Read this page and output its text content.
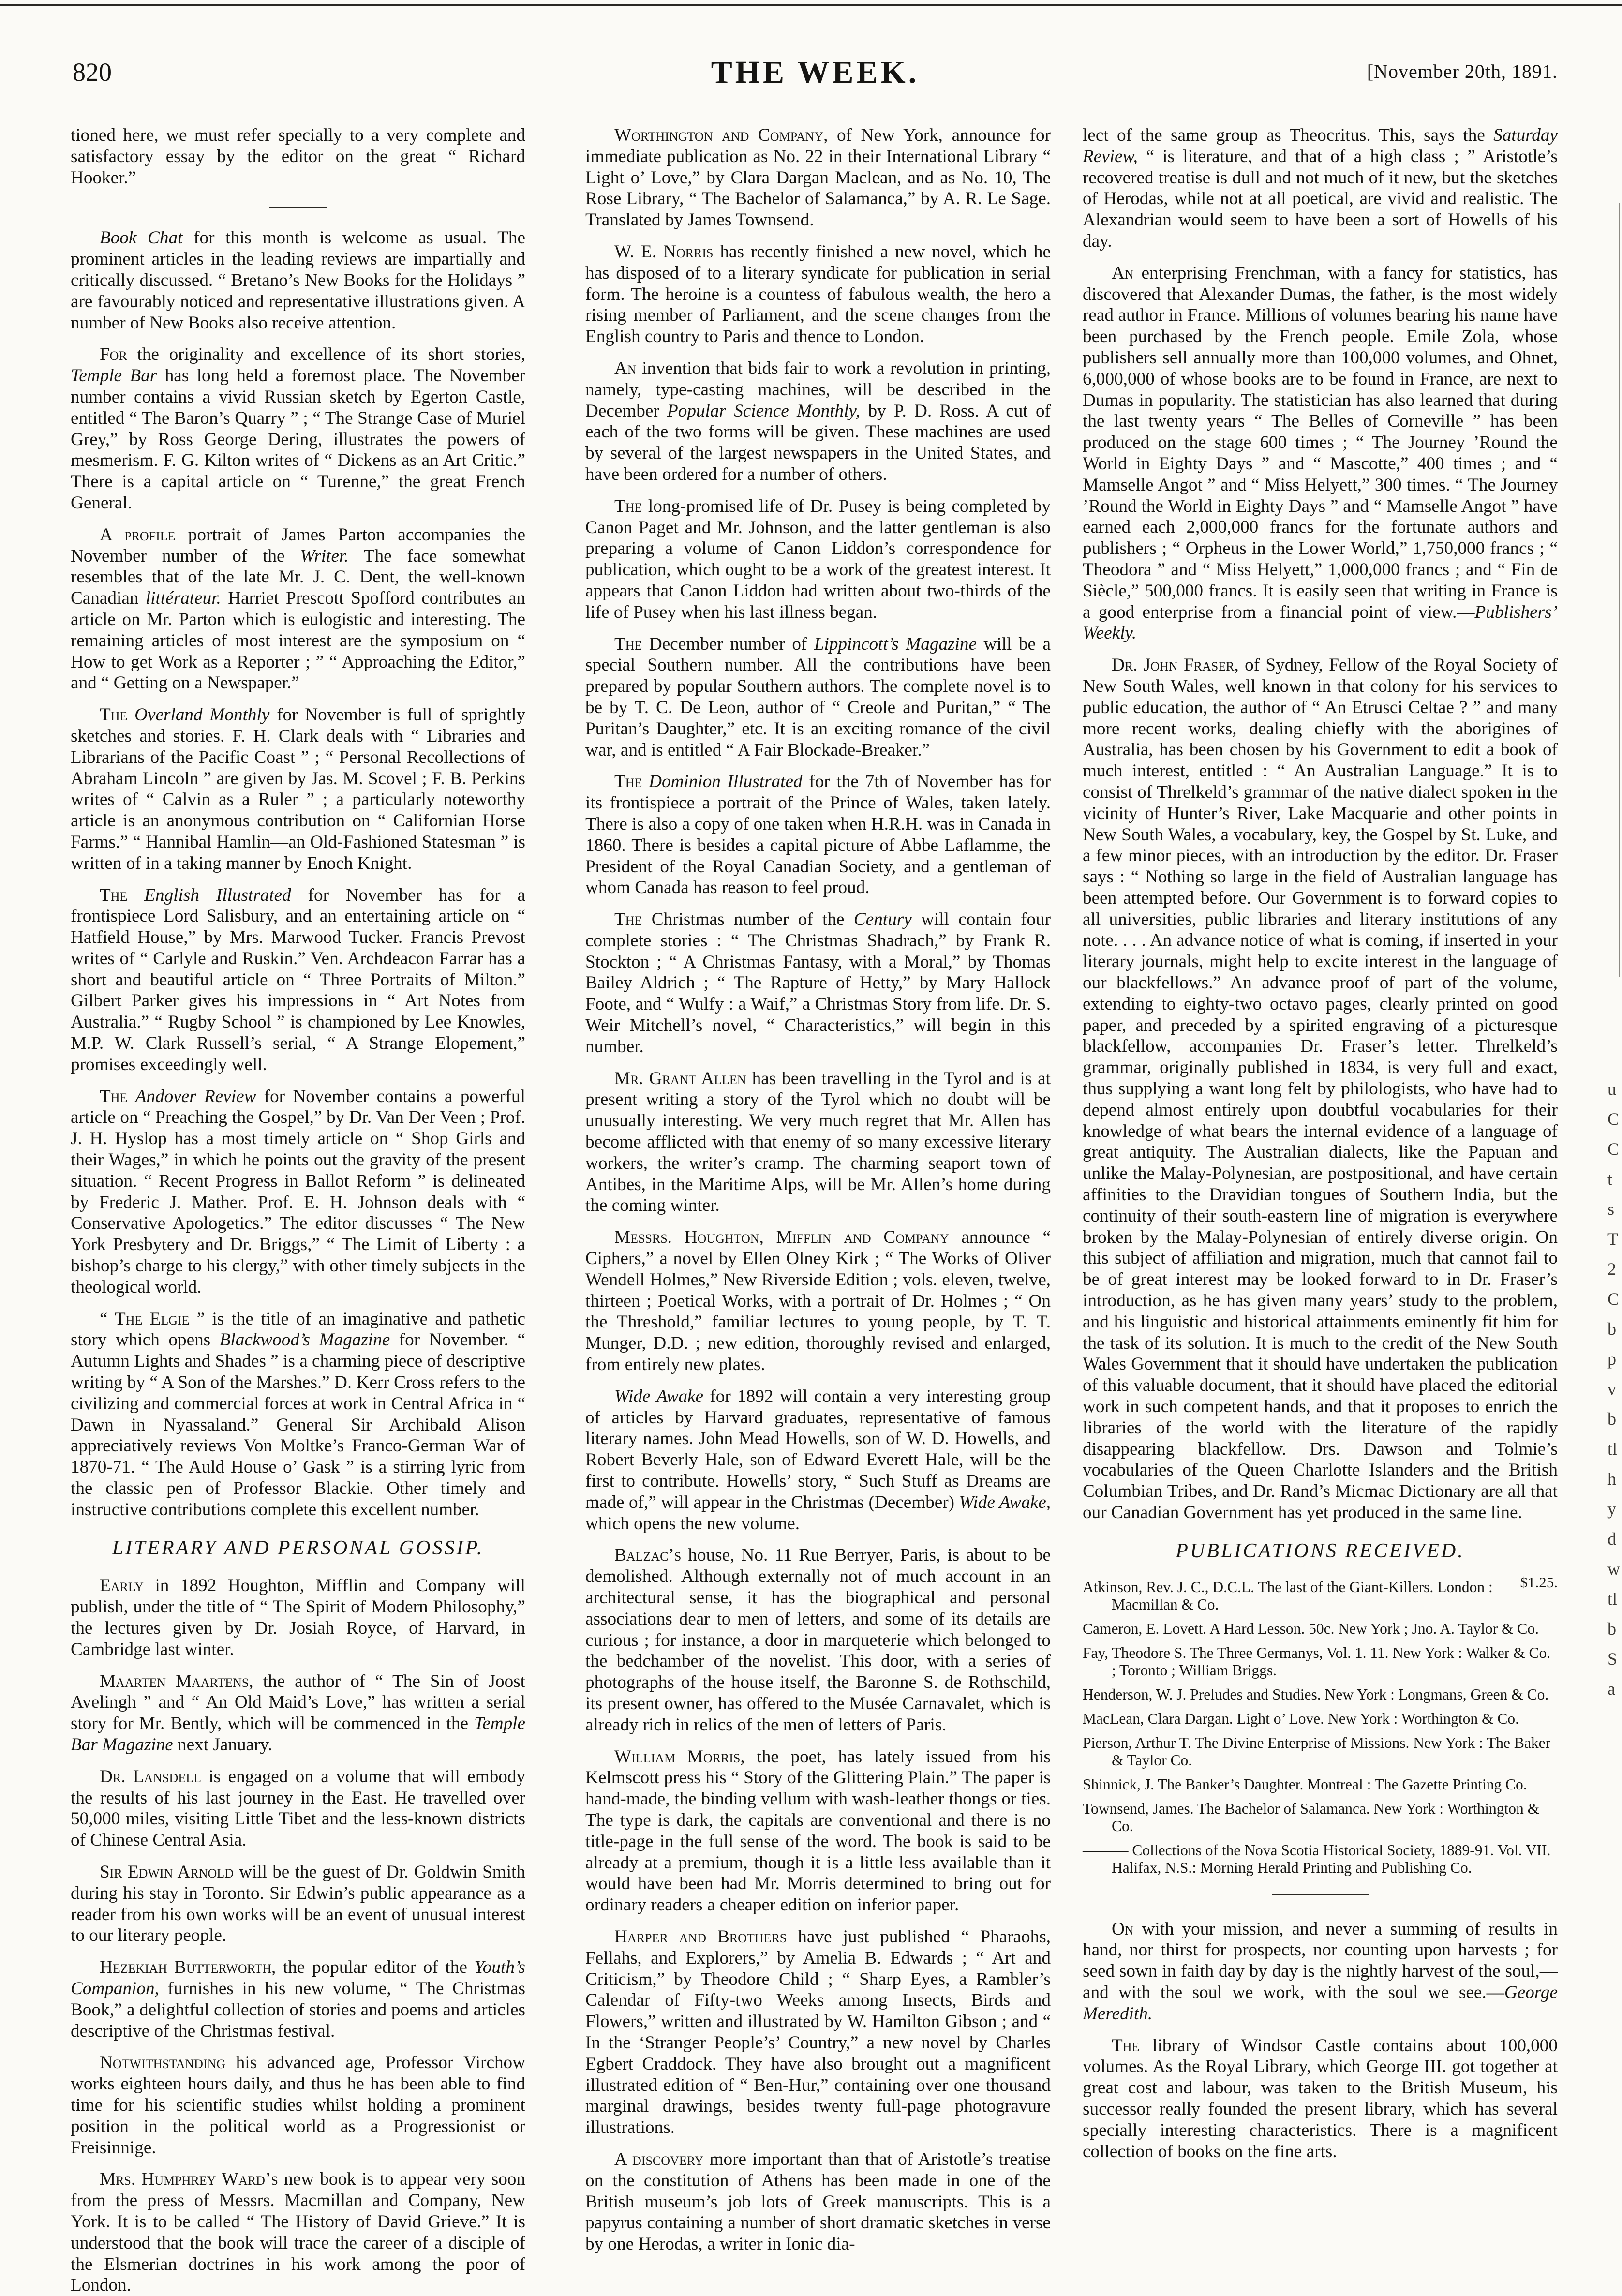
820	THE WEEK.	[November 20th, 1891.

tioned here, we must refer specially to a very complete and satisfactory essay by the editor on the great “ Richard Hooker.”

Book Chat for this month is welcome as usual. The prominent articles in the leading reviews are impartially and critically discussed. “ Bretano’s New Books for the Holidays ” are favourably noticed and representative illustrations given. A number of New Books also receive attention.

For the originality and excellence of its short stories, Temple Bar has long held a foremost place. The November number contains a vivid Russian sketch by Egerton Castle, entitled “ The Baron’s Quarry ” ; “ The Strange Case of Muriel Grey,” by Ross George Dering, illustrates the powers of mesmerism. F. G. Kilton writes of “ Dickens as an Art Critic.” There is a capital article on “ Turenne,” the great French General.

A profile portrait of James Parton accompanies the November number of the Writer. The face somewhat resembles that of the late Mr. J. C. Dent, the well-known Canadian littérateur. Harriet Prescott Spofford contributes an article on Mr. Parton which is eulogistic and interesting. The remaining articles of most interest are the symposium on “ How to get Work as a Reporter ; ” “ Approaching the Editor,” and “ Getting on a Newspaper.”

The Overland Monthly for November is full of sprightly sketches and stories. F. H. Clark deals with “ Libraries and Librarians of the Pacific Coast ” ; “ Personal Recollections of Abraham Lincoln ” are given by Jas. M. Scovel ; F. B. Perkins writes of “ Calvin as a Ruler ” ; a particularly noteworthy article is an anonymous contribution on “ Californian Horse Farms.” “ Hannibal Hamlin—an Old-Fashioned Statesman ” is written of in a taking manner by Enoch Knight.

The English Illustrated for November has for a frontispiece Lord Salisbury, and an entertaining article on “ Hatfield House,” by Mrs. Marwood Tucker. Francis Prevost writes of “ Carlyle and Ruskin.” Ven. Archdeacon Farrar has a short and beautiful article on “ Three Portraits of Milton.” Gilbert Parker gives his impressions in “ Art Notes from Australia.” “ Rugby School ” is championed by Lee Knowles, M.P. W. Clark Russell’s serial, “ A Strange Elopement,” promises exceedingly well.

The Andover Review for November contains a powerful article on “ Preaching the Gospel,” by Dr. Van Der Veen ; Prof. J. H. Hyslop has a most timely article on “ Shop Girls and their Wages,” in which he points out the gravity of the present situation. “ Recent Progress in Ballot Reform ” is delineated by Frederic J. Mather. Prof. E. H. Johnson deals with “ Conservative Apologetics.” The editor discusses “ The New York Presbytery and Dr. Briggs,” “ The Limit of Liberty : a bishop’s charge to his clergy,” with other timely subjects in the theological world.

“ The Elgie ” is the title of an imaginative and pathetic story which opens Blackwood’s Magazine for November. “ Autumn Lights and Shades ” is a charming piece of descriptive writing by “ A Son of the Marshes.” D. Kerr Cross refers to the civilizing and commercial forces at work in Central Africa in “ Dawn in Nyassaland.” General Sir Archibald Alison appreciatively reviews Von Moltke’s Franco-German War of 1870-71. “ The Auld House o’ Gask ” is a stirring lyric from the classic pen of Professor Blackie. Other timely and instructive contributions complete this excellent number.

LITERARY AND PERSONAL GOSSIP.

Early in 1892 Houghton, Mifflin and Company will publish, under the title of “ The Spirit of Modern Philosophy,” the lectures given by Dr. Josiah Royce, of Harvard, in Cambridge last winter.

Maarten Maartens, the author of “ The Sin of Joost Avelingh ” and “ An Old Maid’s Love,” has written a serial story for Mr. Bently, which will be commenced in the Temple Bar Magazine next January.

Dr. Lansdell is engaged on a volume that will embody the results of his last journey in the East. He travelled over 50,000 miles, visiting Little Tibet and the less-known districts of Chinese Central Asia.

Sir Edwin Arnold will be the guest of Dr. Goldwin Smith during his stay in Toronto. Sir Edwin’s public appearance as a reader from his own works will be an event of unusual interest to our literary people.

Hezekiah Butterworth, the popular editor of the Youth’s Companion, furnishes in his new volume, “ The Christmas Book,” a delightful collection of stories and poems and articles descriptive of the Christmas festival.

Notwithstanding his advanced age, Professor Virchow works eighteen hours daily, and thus he has been able to find time for his scientific studies whilst holding a prominent position in the political world as a Progressionist or Freisinnige.

Mrs. Humphrey Ward’s new book is to appear very soon from the press of Messrs. Macmillan and Company, New York. It is to be called “ The History of David Grieve.” It is understood that the book will trace the career of a disciple of the Elsmerian doctrines in his work among the poor of London.

Worthington and Company, of New York, announce for immediate publication as No. 22 in their International Library “ Light o’ Love,” by Clara Dargan Maclean, and as No. 10, The Rose Library, “ The Bachelor of Salamanca,” by A. R. Le Sage. Translated by James Townsend.

W. E. Norris has recently finished a new novel, which he has disposed of to a literary syndicate for publication in serial form. The heroine is a countess of fabulous wealth, the hero a rising member of Parliament, and the scene changes from the English country to Paris and thence to London.

An invention that bids fair to work a revolution in printing, namely, type-casting machines, will be described in the December Popular Science Monthly, by P. D. Ross. A cut of each of the two forms will be given. These machines are used by several of the largest newspapers in the United States, and have been ordered for a number of others.

The long-promised life of Dr. Pusey is being completed by Canon Paget and Mr. Johnson, and the latter gentleman is also preparing a volume of Canon Liddon’s correspondence for publication, which ought to be a work of the greatest interest. It appears that Canon Liddon had written about two-thirds of the life of Pusey when his last illness began.

The December number of Lippincott’s Magazine will be a special Southern number. All the contributions have been prepared by popular Southern authors. The complete novel is to be by T. C. De Leon, author of “ Creole and Puritan,” “ The Puritan’s Daughter,” etc. It is an exciting romance of the civil war, and is entitled “ A Fair Blockade-Breaker.”

The Dominion Illustrated for the 7th of November has for its frontispiece a portrait of the Prince of Wales, taken lately. There is also a copy of one taken when H.R.H. was in Canada in 1860. There is besides a capital picture of Abbe Laflamme, the President of the Royal Canadian Society, and a gentleman of whom Canada has reason to feel proud.

The Christmas number of the Century will contain four complete stories : “ The Christmas Shadrach,” by Frank R. Stockton ; “ A Christmas Fantasy, with a Moral,” by Thomas Bailey Aldrich ; “ The Rapture of Hetty,” by Mary Hallock Foote, and “ Wulfy : a Waif,” a Christmas Story from life. Dr. S. Weir Mitchell’s novel, “ Characteristics,” will begin in this number.

Mr. Grant Allen has been travelling in the Tyrol and is at present writing a story of the Tyrol which no doubt will be unusually interesting. We very much regret that Mr. Allen has become afflicted with that enemy of so many excessive literary workers, the writer’s cramp. The charming seaport town of Antibes, in the Maritime Alps, will be Mr. Allen’s home during the coming winter.

Messrs. Houghton, Mifflin and Company announce “ Ciphers,” a novel by Ellen Olney Kirk ; “ The Works of Oliver Wendell Holmes,” New Riverside Edition ; vols. eleven, twelve, thirteen ; Poetical Works, with a portrait of Dr. Holmes ; “ On the Threshold,” familiar lectures to young people, by T. T. Munger, D.D. ; new edition, thoroughly revised and enlarged, from entirely new plates.

Wide Awake for 1892 will contain a very interesting group of articles by Harvard graduates, representative of famous literary names. John Mead Howells, son of W. D. Howells, and Robert Beverly Hale, son of Edward Everett Hale, will be the first to contribute. Howells’ story, “ Such Stuff as Dreams are made of,” will appear in the Christmas (December) Wide Awake, which opens the new volume.

Balzac’s house, No. 11 Rue Berryer, Paris, is about to be demolished. Although externally not of much account in an architectural sense, it has the biographical and personal associations dear to men of letters, and some of its details are curious ; for instance, a door in marqueterie which belonged to the bedchamber of the novelist. This door, with a series of photographs of the house itself, the Baronne S. de Rothschild, its present owner, has offered to the Musée Carnavalet, which is already rich in relics of the men of letters of Paris.

William Morris, the poet, has lately issued from his Kelmscott press his “ Story of the Glittering Plain.” The paper is hand-made, the binding vellum with wash-leather thongs or ties. The type is dark, the capitals are conventional and there is no title-page in the full sense of the word. The book is said to be already at a premium, though it is a little less available than it would have been had Mr. Morris determined to bring out for ordinary readers a cheaper edition on inferior paper.

Harper and Brothers have just published “ Pharaohs, Fellahs, and Explorers,” by Amelia B. Edwards ; “ Art and Criticism,” by Theodore Child ; “ Sharp Eyes, a Rambler’s Calendar of Fifty-two Weeks among Insects, Birds and Flowers,” written and illustrated by W. Hamilton Gibson ; and “ In the ‘Stranger People’s’ Country,” a new novel by Charles Egbert Craddock. They have also brought out a magnificent illustrated edition of “ Ben-Hur,” containing over one thousand marginal drawings, besides twenty full-page photogravure illustrations.

A discovery more important than that of Aristotle’s treatise on the constitution of Athens has been made in one of the British museum’s job lots of Greek manuscripts. This is a papyrus containing a number of short dramatic sketches in verse by one Herodas, a writer in Ionic dia-

lect of the same group as Theocritus. This, says the Saturday Review, “ is literature, and that of a high class ; ” Aristotle’s recovered treatise is dull and not much of it new, but the sketches of Herodas, while not at all poetical, are vivid and realistic. The Alexandrian would seem to have been a sort of Howells of his day.

An enterprising Frenchman, with a fancy for statistics, has discovered that Alexander Dumas, the father, is the most widely read author in France. Millions of volumes bearing his name have been purchased by the French people. Emile Zola, whose publishers sell annually more than 100,000 volumes, and Ohnet, 6,000,000 of whose books are to be found in France, are next to Dumas in popularity. The statistician has also learned that during the last twenty years “ The Belles of Corneville ” has been produced on the stage 600 times ; “ The Journey ’Round the World in Eighty Days ” and “ Mascotte,” 400 times ; and “ Mamselle Angot ” and “ Miss Helyett,” 300 times. “ The Journey ’Round the World in Eighty Days ” and “ Mamselle Angot ” have earned each 2,000,000 francs for the fortunate authors and publishers ; “ Orpheus in the Lower World,” 1,750,000 francs ; “ Theodora ” and “ Miss Helyett,” 1,000,000 francs ; and “ Fin de Siècle,” 500,000 francs. It is easily seen that writing in France is a good enterprise from a financial point of view.—Publishers’ Weekly.

Dr. John Fraser, of Sydney, Fellow of the Royal Society of New South Wales, well known in that colony for his services to public education, the author of “ An Etrusci Celtae ? ” and many more recent works, dealing chiefly with the aborigines of Australia, has been chosen by his Government to edit a book of much interest, entitled : “ An Australian Language.” It is to consist of Threlkeld’s grammar of the native dialect spoken in the vicinity of Hunter’s River, Lake Macquarie and other points in New South Wales, a vocabulary, key, the Gospel by St. Luke, and a few minor pieces, with an introduction by the editor. Dr. Fraser says : “ Nothing so large in the field of Australian language has been attempted before. Our Government is to forward copies to all universities, public libraries and literary institutions of any note. . . . An advance notice of what is coming, if inserted in your literary journals, might help to excite interest in the language of our blackfellows.” An advance proof of part of the volume, extending to eighty-two octavo pages, clearly printed on good paper, and preceded by a spirited engraving of a picturesque blackfellow, accompanies Dr. Fraser’s letter. Threlkeld’s grammar, originally published in 1834, is very full and exact, thus supplying a want long felt by philologists, who have had to depend almost entirely upon doubtful vocabularies for their knowledge of what bears the internal evidence of a language of great antiquity. The Australian dialects, like the Papuan and unlike the Malay-Polynesian, are postpositional, and have certain affinities to the Dravidian tongues of Southern India, but the continuity of their south-eastern line of migration is everywhere broken by the Malay-Polynesian of entirely diverse origin. On this subject of affiliation and migration, much that cannot fail to be of great interest may be looked forward to in Dr. Fraser’s introduction, as he has given many years’ study to the problem, and his linguistic and historical attainments eminently fit him for the task of its solution. It is much to the credit of the New South Wales Government that it should have undertaken the publication of this valuable document, that it should have placed the editorial work in such competent hands, and that it proposes to enrich the libraries of the world with the literature of the rapidly disappearing blackfellow. Drs. Dawson and Tolmie’s vocabularies of the Queen Charlotte Islanders and the British Columbian Tribes, and Dr. Rand’s Micmac Dictionary are all that our Canadian Government has yet produced in the same line.

PUBLICATIONS RECEIVED.
Atkinson, Rev. J. C., D.C.L. The last of the Giant-Killers. London : Macmillan & Co.
$1.25.
Cameron, E. Lovett. A Hard Lesson. 50c. New York ; Jno. A. Taylor & Co.
Fay, Theodore S. The Three Germanys, Vol. 1. 11. New York : Walker & Co. ; Toronto ; William Briggs.
Henderson, W. J. Preludes and Studies. New York : Longmans, Green & Co.
MacLean, Clara Dargan. Light o’ Love. New York : Worthington & Co.
Pierson, Arthur T. The Divine Enterprise of Missions. New York : The Baker & Taylor Co.
Shinnick, J. The Banker’s Daughter. Montreal : The Gazette Printing Co.
Townsend, James. The Bachelor of Salamanca. New York : Worthington & Co.
——— Collections of the Nova Scotia Historical Society, 1889-91. Vol. VII. Halifax, N.S.: Morning Herald Printing and Publishing Co.

On with your mission, and never a summing of results in hand, nor thirst for prospects, nor counting upon harvests ; for seed sown in faith day by day is the nightly harvest of the soul,—and with the soul we work, with the soul we see.—George Meredith.

The library of Windsor Castle contains about 100,000 volumes. As the Royal Library, which George III. got together at great cost and labour, was taken to the British Museum, his successor really founded the present library, which has several specially interesting characteristics. There is a magnificent collection of books on the fine arts.

u
C
C
t
s
T
2
C
b
p
v
b
tl
h
y
d
w
tl
b
S
a
